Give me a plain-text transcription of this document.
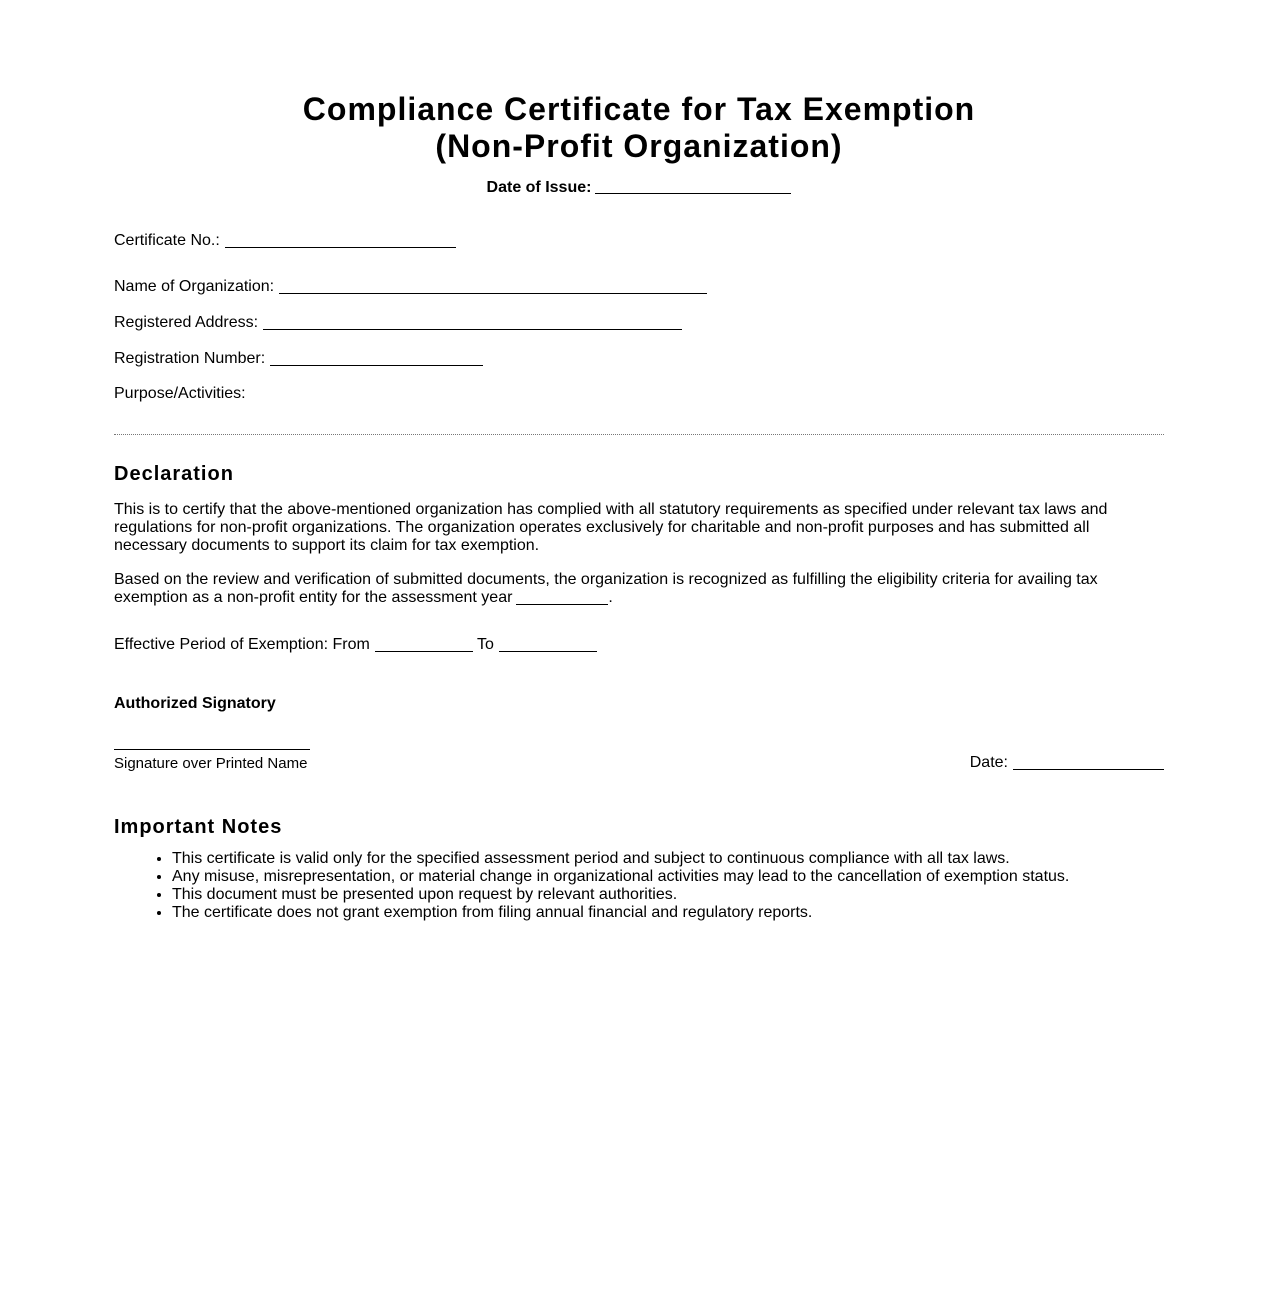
Compliance Certificate for Tax Exemption
(Non-Profit Organization)
Date of Issue:
Certificate No.:
Name of Organization:
Registered Address:
Registration Number:
Purpose/Activities:
Declaration

This is to certify that the above-mentioned organization has complied with all statutory requirements as specified under relevant tax laws and regulations for non-profit organizations. The organization operates exclusively for charitable and non-profit purposes and has submitted all necessary documents to support its claim for tax exemption.

Based on the review and verification of submitted documents, the organization is recognized as fulfilling the eligibility criteria for availing tax exemption as a non-profit entity for the assessment year	.

Effective Period of Exemption: From	To
Authorized Signatory
Signature over Printed Name	Date:
Important Notes
• This certificate is valid only for the specified assessment period and subject to continuous compliance with all tax laws.
• Any misuse, misrepresentation, or material change in organizational activities may lead to the cancellation of exemption status.
• This document must be presented upon request by relevant authorities.
• The certificate does not grant exemption from filing annual financial and regulatory reports.
